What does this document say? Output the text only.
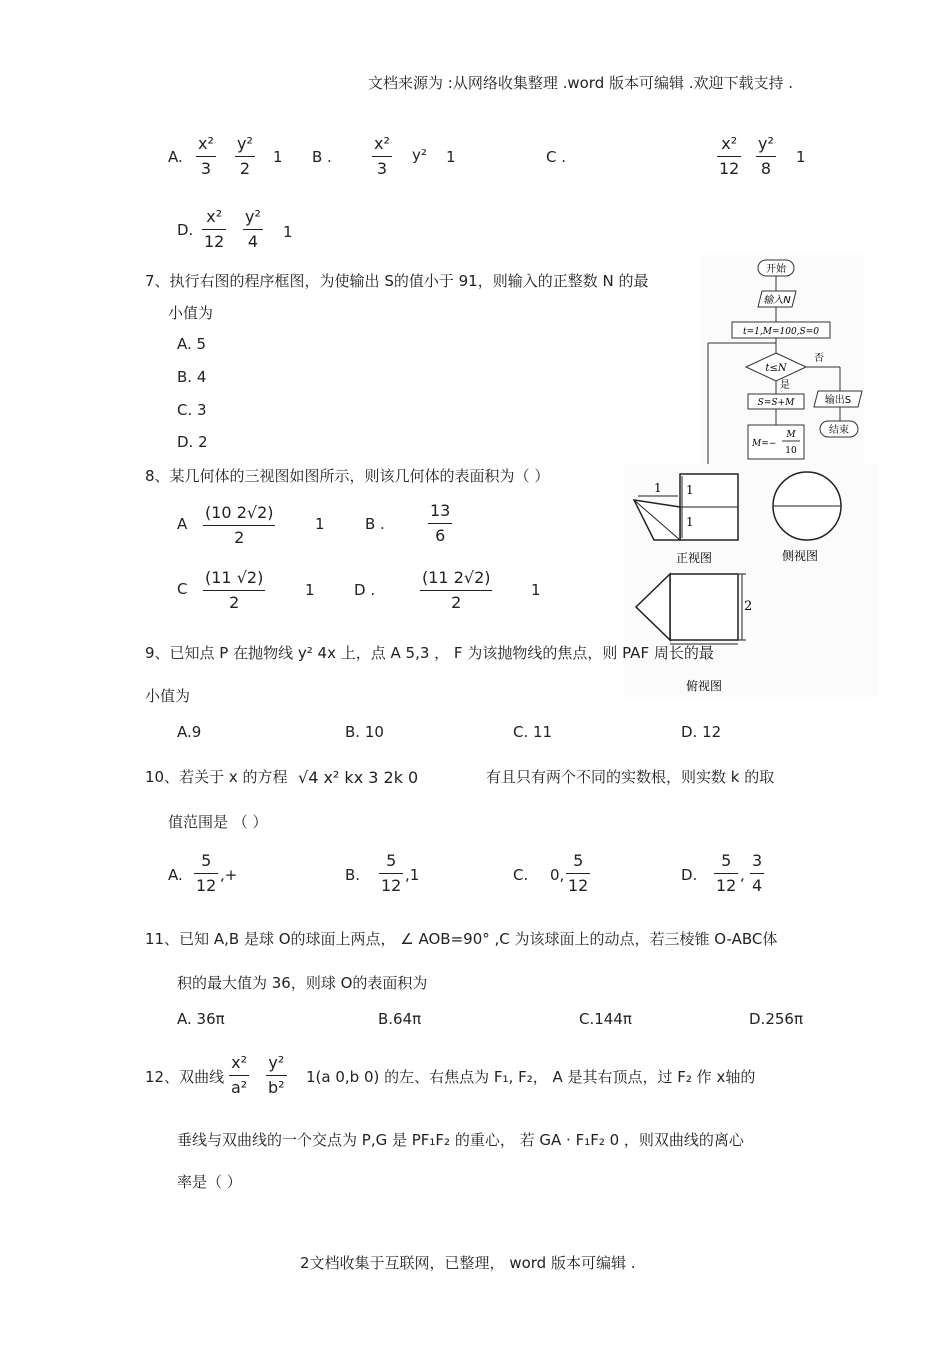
文档来源为 :从网络收集整理 .word 版本可编辑 .欢迎下载支持 .
2文档收集于互联网，已整理， word 版本可编辑 .
A.
x²
3
y²
2
1 B .
x²
3
y² 1	C .
x²
12
y²
8
1
D.
x²
12
y²
4 1
7、执行右图的程序框图，为使输出 S的值小于 91，则输入的正整数 N 的最
小值为
A. 5
B. 4
C. 3
D. 2
开始
输入N
t=1,M=100,S=0
t≤N
否
是
S=S+M	输出S
结束
M=−
M
10
8、某几何体的三视图如图所示，则该几何体的表面积为（ ）
A
(10 2√2)
2
1	B .
13
6
C
(11 √2)
2
1	D .
(11 2√2)
2
1
1 1
1
正视图	侧视图
2
俯视图
9、已知点 P 在抛物线 y² 4x 上，点 A 5,3 ， F 为该抛物线的焦点，则 PAF 周长的最
小值为
A.9	B. 10	C. 11	D. 12
10、若关于 x 的方程 √4 x² kx 3 2k 0	有且只有两个不同的实数根，则实数 k 的取
值范围是 （ ）
A.
5
12
,+	B.
5
12
,1	C. 0,
5
12
D.
5
12
,
3
4
11、已知 A,B 是球 O的球面上两点， ∠ AOB=90° ,C 为该球面上的动点，若三棱锥 O-ABC体
积的最大值为 36，则球 O的表面积为
A. 36π	B.64π	C.144π	D.256π
12、双曲线
x²
a²
y²
b²
1(a 0,b 0) 的左、右焦点为 F₁, F₂， A 是其右顶点，过 F₂ 作 x轴的
垂线与双曲线的一个交点为 P,G 是 PF₁F₂ 的重心， 若 GA · F₁F₂ 0 ，则双曲线的离心
率是（ ）
